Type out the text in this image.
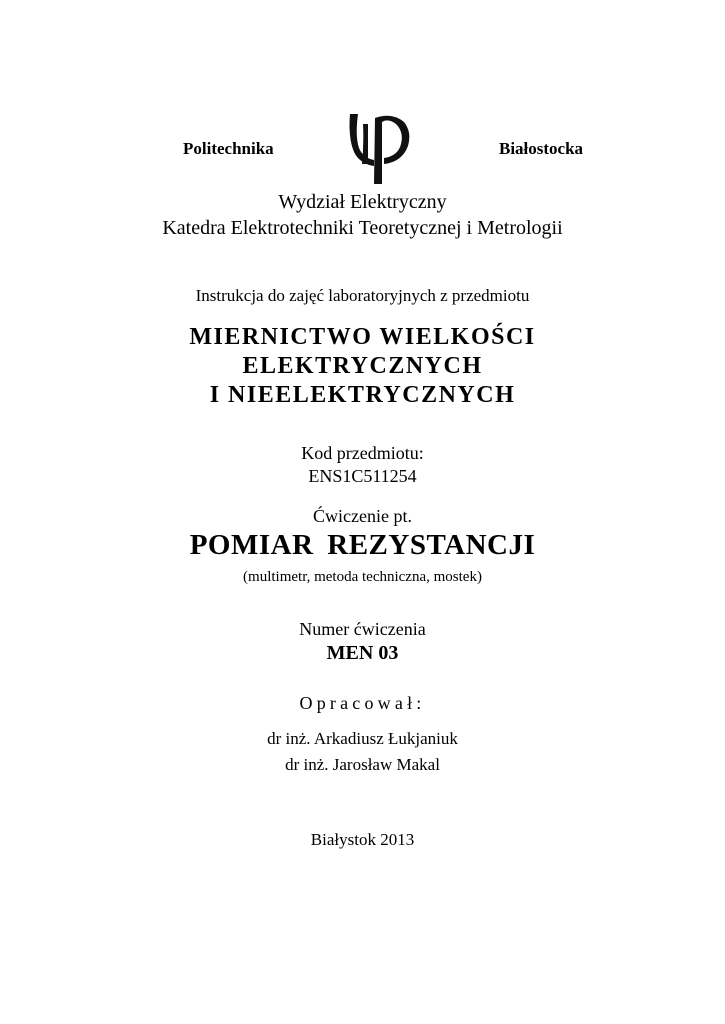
Politechnika	Białostocka
Wydział Elektryczny
Katedra Elektrotechniki Teoretycznej i Metrologii
Instrukcja do zajęć laboratoryjnych z przedmiotu
MIERNICTWO WIELKOŚCI
ELEKTRYCZNYCH
I NIEELEKTRYCZNYCH
Kod przedmiotu:
ENS1C511254
Ćwiczenie pt.
POMIAR REZYSTANCJI
(multimetr, metoda techniczna, mostek)
Numer ćwiczenia
MEN 03
Opracował:
dr inż. Arkadiusz Łukjaniuk
dr inż. Jarosław Makal
Białystok 2013
